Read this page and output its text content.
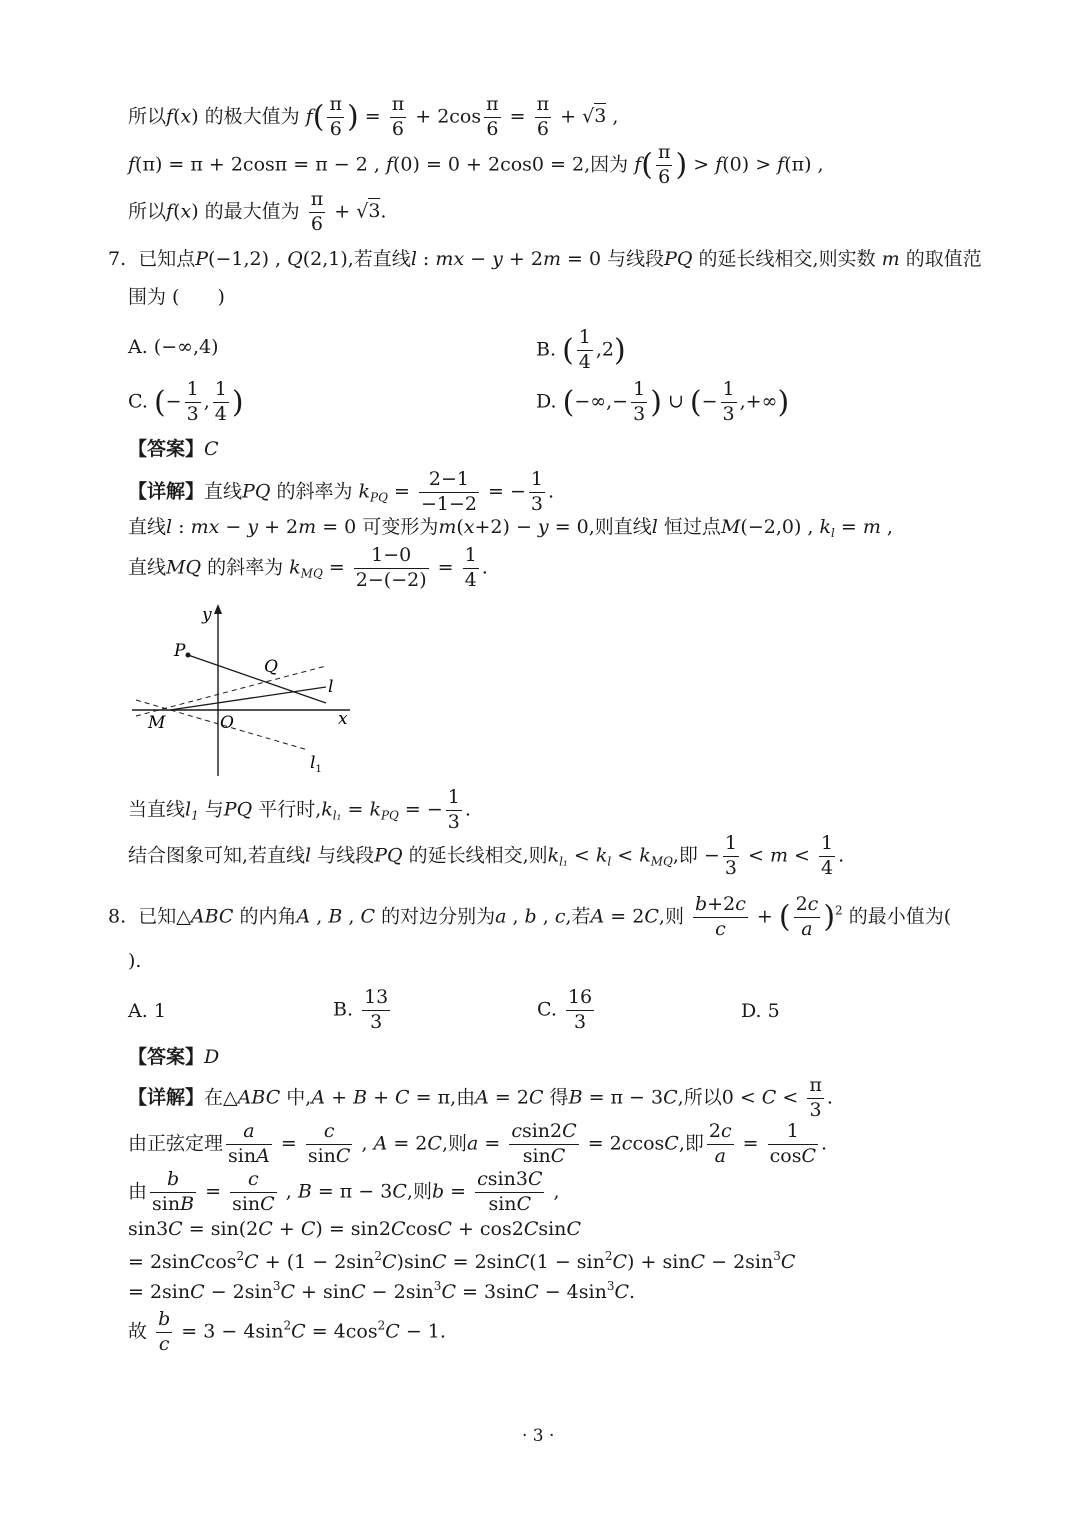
所以f(x) 的极大值为 $f( \frac{\pi}{6}$ ) = $\frac{\pi}{6} + 2\cos \frac{\pi}{6} = \frac{\pi}{6} + √3$ ,
f(π) = π + 2cosπ = π − 2 , f(0) = 0 + 2cos0 = 2,因为 $f( \frac{\pi}{6}$ ) > f(0) > f(π) ,
所以f(x) 的最大值为 $\frac{\pi}{6} + √3$.
7. 已知点P(−1,2) , Q(2,1),若直线l : mx − y + 2m = 0 与线段PQ 的延长线相交,则实数 m 的取值范
围为 (　　)
A. (−∞,4)	B. ( $\frac{1}{4} ,2$)
C. (− $\frac{1}{3}$ , $\frac{1}{4}$ )	D. (−∞,− $\frac{1}{3}$ ) ∪ (− $\frac{1}{3}$ ,+∞)
【答案】C
【详解】直线PQ 的斜率为 $k_{PQ} = \frac{2-1}{-1-2}$ = − $\frac{1}{3}$ .
直线l : mx − y + 2m = 0 可变形为m(x+2) − y = 0,则直线l 恒过点M(−2,0) , $k_l = m$ ,
直线MQ 的斜率为 $k_{MQ} = \frac{1-0}{2-(-2)} = \frac{1}{4}$ .
y
x
P
Q
l
M	O
$l_1$
当直线$l_1$ 与PQ 平行时$,k_{l_1} = k_{PQ}$ = − $\frac{1}{3}$ .
结合图象可知,若直线l 与线段PQ 的延长线相交,则$k_{l_1} < k_l < k_{MQ}$,即 − $\frac{1}{3} < m < \frac{1}{4}$ .
8. 已知△ABC 的内角A , B , C 的对边分别为a , b , c,若A = 2C,则 $\frac{b+2c}{c}$ + ( $\frac{2c}{a} )^2$ 的最小值为(
).
A. 1	B. $\frac{13}{3}$	C. $\frac{16}{3}$	D. 5
【答案】D
【详解】在△ABC 中,A + B + C = π,由A = 2C 得B = π − 3C,所以$0 < C < \frac{\pi}{3}$ .
由正弦定理 $\frac{a}{\sin A} = \frac{c}{\sin C}$ , A = 2C,则$a = \frac{csin2C}{\sin C} = 2ccosC$,即 $\frac{2c}{a} = \frac{1}{\cos C}$ .
由 $\frac{b}{\sin B} = \frac{c}{\sin C}$ , B = π − 3C,则$b = \frac{csin3C}{\sin C}$ ,
sin3C = sin(2C + C) = sin2CcosC + cos2CsinC
= 2sinCcos$^2$C + $(1 - 2\sin^2C)\sin C = 2\sin C(1 - \sin^2C) + \sin C - 2\sin^3C$
= $2\sin C - 2\sin^3C + \sin C - 2\sin^3C = 3\sin C - 4\sin^3C$.
故 $\frac{b}{c} = 3 - 4\sin^2C = 4\cos^2C - 1$.
· 3 ·
